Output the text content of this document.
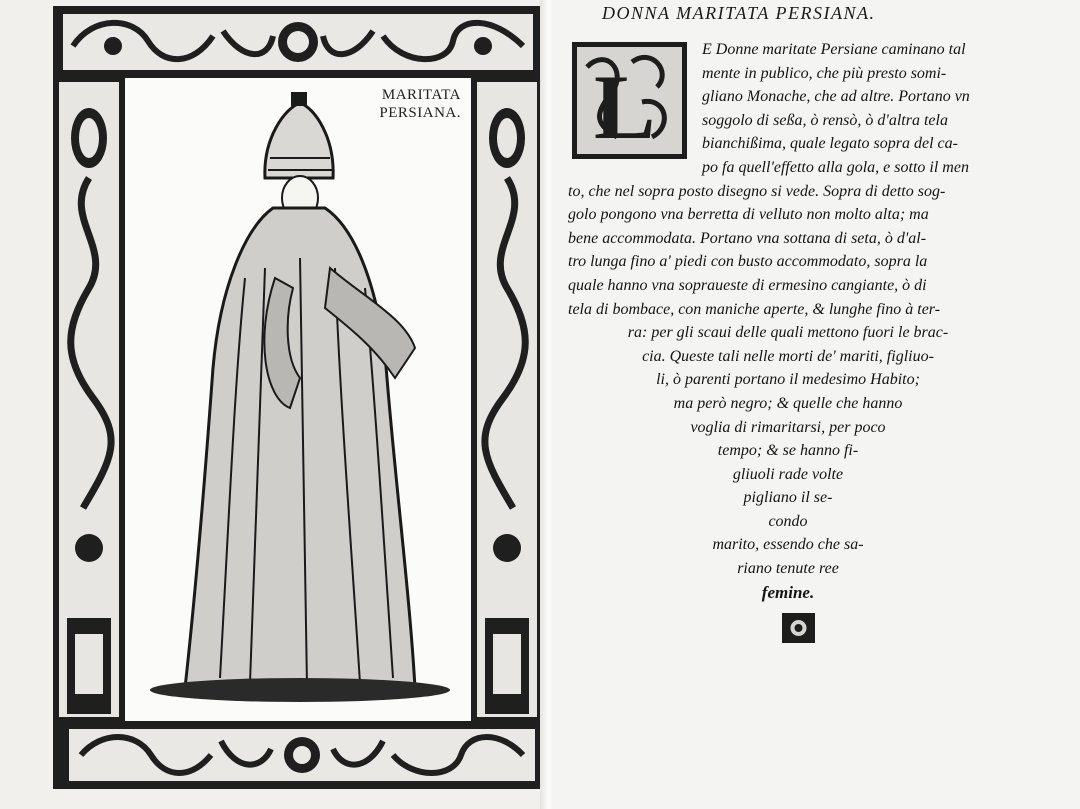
MARITATA
PERSIANA.
DONNA MARITATA PERSIANA.
L
E Donne maritate Persiane caminano tal
mente in publico, che più presto somi-
gliano Monache, che ad altre. Portano vn
soggolo di seßa, ò rensò, ò d'altra tela
bianchißima, quale legato sopra del ca-
po fa quell'effetto alla gola, e sotto il men
to, che nel sopra posto disegno si vede. Sopra di detto sog-
golo pongono vna berretta di velluto non molto alta; ma
bene accommodata. Portano vna sottana di seta, ò d'al-
tro lunga fino a' piedi con busto accommodato, sopra la
quale hanno vna sopraueste di ermesino cangiante, ò di
tela di bombace, con maniche aperte, & lunghe fino à ter-
ra: per gli scaui delle quali mettono fuori le brac-
cia. Queste tali nelle morti de' mariti, figliuo-
li, ò parenti portano il medesimo Habito;
ma però negro; & quelle che hanno
voglia di rimaritarsi, per poco
tempo; & se hanno fi-
gliuoli rade volte
pigliano il se-
condo
marito, essendo che sa-
riano tenute ree
femine.
